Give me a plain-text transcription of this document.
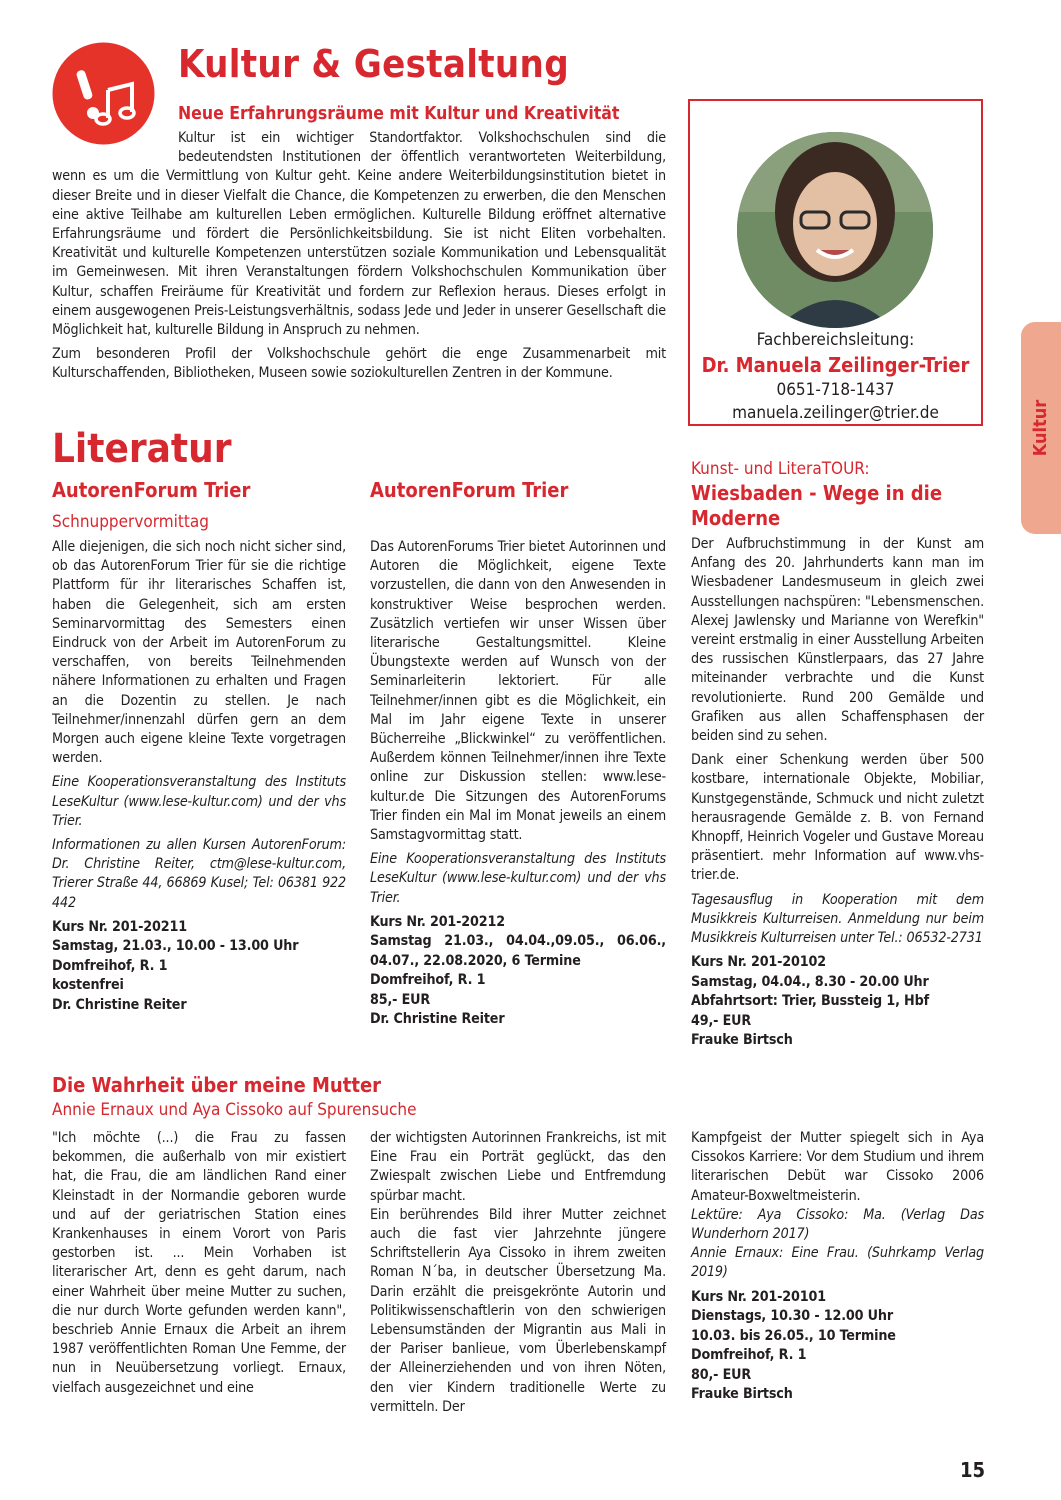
Kultur & Gestaltung
Neue Erfahrungsräume mit Kultur und Kreativität

Kultur ist ein wichtiger Standortfaktor. Volkshochschulen sind die bedeutendsten Institutionen der öffentlich verantworteten Weiterbildung, wenn es um die Vermittlung von Kultur geht. Keine andere Weiterbildungsinstitution bietet in dieser Breite und in dieser Vielfalt die Chance, die Kompetenzen zu erwerben, die den Menschen eine aktive Teilhabe am kulturellen Leben ermöglichen. Kulturelle Bildung eröffnet alternative Erfahrungsräume und fördert die Persönlichkeitsbildung. Sie ist nicht Eliten vorbehalten. Kreativität und kulturelle Kompetenzen unterstützen soziale Kommunikation und Lebensqualität im Gemeinwesen. Mit ihren Veranstaltungen fördern Volkshochschulen Kommunikation über Kultur, schaffen Freiräume für Kreativität und fordern zur Reflexion heraus. Dieses erfolgt in einem ausgewogenen Preis-Leistungsverhältnis, sodass Jede und Jeder in unserer Gesellschaft die Möglichkeit hat, kulturelle Bildung in Anspruch zu nehmen.

Zum besonderen Profil der Volkshochschule gehört die enge Zusammenarbeit mit Kulturschaffenden, Bibliotheken, Museen sowie soziokulturellen Zentren in der Kommune.

Fachbereichsleitung:
Dr. Manuela Zeilinger-Trier
0651-718-1437
manuela.zeilinger@trier.de	Kultur
Literatur
AutorenForum Trier
Schnuppervormittag

Alle diejenigen, die sich noch nicht sicher sind, ob das AutorenForum Trier für sie die richtige Plattform für ihr literarisches Schaffen ist, haben die Gelegenheit, sich am ersten Seminarvormittag des Semesters einen Eindruck von der Arbeit im AutorenForum zu verschaffen, von bereits Teilnehmenden nähere Informationen zu erhalten und Fragen an die Dozentin zu stellen. Je nach Teilnehmer/innenzahl dürfen gern an dem Morgen auch eigene kleine Texte vorgetragen werden.

Eine Kooperationsveranstaltung des Instituts LeseKultur (www.lese-kultur.com) und der vhs Trier.

Informationen zu allen Kursen AutorenForum: Dr. Christine Reiter, ctm@lese-kultur.com, Trierer Straße 44, 66869 Kusel; Tel: 06381 922 442

Kurs Nr. 201-20211
Samstag, 21.03., 10.00 - 13.00 Uhr
Domfreihof, R. 1
kostenfrei
Dr. Christine Reiter
AutorenForum Trier

Das AutorenForums Trier bietet Autorinnen und Autoren die Möglichkeit, eigene Texte vorzustellen, die dann von den Anwesenden in konstruktiver Weise besprochen werden. Zusätzlich vertiefen wir unser Wissen über literarische Gestaltungsmittel. Kleine Übungstexte werden auf Wunsch von der Seminarleiterin lektoriert. Für alle Teilnehmer/innen gibt es die Möglichkeit, ein Mal im Jahr eigene Texte in unserer Bücherreihe „Blickwinkel“ zu veröffentlichen. Außerdem können Teilnehmer/innen ihre Texte online zur Diskussion stellen: www.lese-kultur.de Die Sitzungen des AutorenForums Trier finden ein Mal im Monat jeweils an einem Samstagvormittag statt.

Eine Kooperationsveranstaltung des Instituts LeseKultur (www.lese-kultur.com) und der vhs Trier.

Kurs Nr. 201-20212
Samstag 21.03., 04.04.,09.05., 06.06., 04.07., 22.08.2020, 6 Termine
Domfreihof, R. 1
85,- EUR
Dr. Christine Reiter
Kunst- und LiteraTOUR:
Wiesbaden - Wege in die Moderne

Der Aufbruchstimmung in der Kunst am Anfang des 20. Jahrhunderts kann man im Wiesbadener Landesmuseum in gleich zwei Ausstellungen nachspüren: "Lebensmenschen. Alexej Jawlensky und Marianne von Werefkin" vereint erstmalig in einer Ausstellung Arbeiten des russischen Künstlerpaars, das 27 Jahre miteinander verbrachte und die Kunst revolutionierte. Rund 200 Gemälde und Grafiken aus allen Schaffensphasen der beiden sind zu sehen.

Dank einer Schenkung werden über 500 kostbare, internationale Objekte, Mobiliar, Kunstgegenstände, Schmuck und nicht zuletzt herausragende Gemälde z. B. von Fernand Khnopff, Heinrich Vogeler und Gustave Moreau präsentiert. mehr Information auf www.vhs-trier.de.

Tagesausflug in Kooperation mit dem Musikkreis Kulturreisen. Anmeldung nur beim Musikkreis Kulturreisen unter Tel.: 06532-2731

Kurs Nr. 201-20102
Samstag, 04.04., 8.30 - 20.00 Uhr
Abfahrtsort: Trier, Bussteig 1, Hbf
49,- EUR
Frauke Birtsch
Die Wahrheit über meine Mutter
Annie Ernaux und Aya Cissoko auf Spurensuche

"Ich möchte (...) die Frau zu fassen bekommen, die außerhalb von mir existiert hat, die Frau, die am ländlichen Rand einer Kleinstadt in der Normandie geboren wurde und auf der geriatrischen Station eines Krankenhauses in einem Vorort von Paris gestorben ist. ... Mein Vorhaben ist literarischer Art, denn es geht darum, nach einer Wahrheit über meine Mutter zu suchen, die nur durch Worte gefunden werden kann", beschrieb Annie Ernaux die Arbeit an ihrem 1987 veröffentlichten Roman Une Femme, der nun in Neuübersetzung vorliegt. Ernaux, vielfach ausgezeichnet und eine

der wichtigsten Autorinnen Frankreichs, ist mit Eine Frau ein Porträt geglückt, das den Zwiespalt zwischen Liebe und Entfremdung spürbar macht.

Ein berührendes Bild ihrer Mutter zeichnet auch die fast vier Jahrzehnte jüngere Schriftstellerin Aya Cissoko in ihrem zweiten Roman N´ba, in deutscher Übersetzung Ma. Darin erzählt die preisgekrönte Autorin und Politikwissenschaftlerin von den schwierigen Lebensumständen der Migrantin aus Mali in der Pariser banlieue, vom Überlebenskampf der Alleinerziehenden und von ihren Nöten, den vier Kindern traditionelle Werte zu vermitteln. Der

Kampfgeist der Mutter spiegelt sich in Aya Cissokos Karriere: Vor dem Studium und ihrem literarischen Debüt war Cissoko 2006 Amateur-Boxweltmeisterin.

Lektüre: Aya Cissoko: Ma. (Verlag Das Wunderhorn 2017)

Annie Ernaux: Eine Frau. (Suhrkamp Verlag 2019)

Kurs Nr. 201-20101
Dienstags, 10.30 - 12.00 Uhr
10.03. bis 26.05., 10 Termine
Domfreihof, R. 1
80,- EUR
Frauke Birtsch
15
